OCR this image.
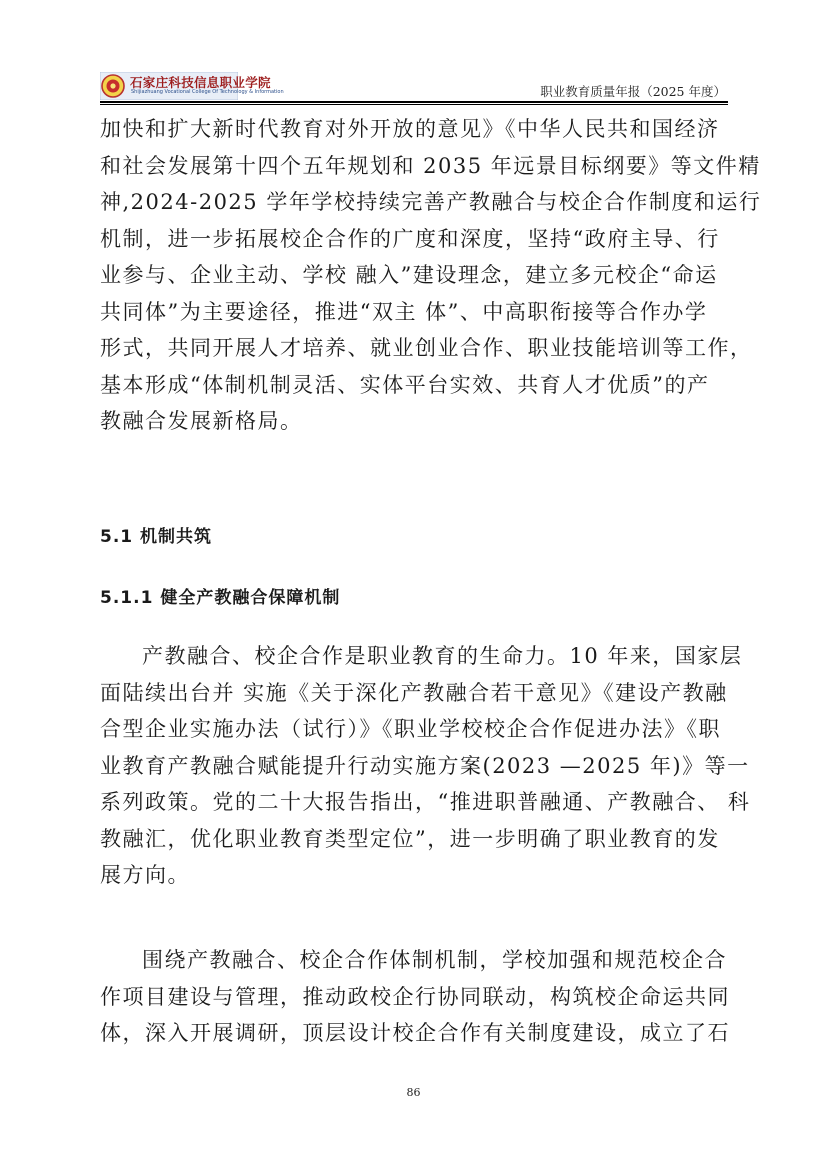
石家庄科技信息职业学院
Shijiazhuang Vocational College Of Technology & Information	职业教育质量年报（2025 年度）

加快和扩大新时代教育对外开放的意见》《中华人民共和国经济
和社会发展第十四个五年规划和 2035 年远景目标纲要》等文件精
神,2024-2025 学年学校持续完善产教融合与校企合作制度和运行
机制，进一步拓展校企合作的广度和深度，坚持“政府主导、行
业参与、企业主动、学校 融入”建设理念，建立多元校企“命运
共同体”为主要途径，推进“双主 体”、中高职衔接等合作办学
形式，共同开展人才培养、就业创业合作、职业技能培训等工作，
基本形成“体制机制灵活、实体平台实效、共育人才优质”的产
教融合发展新格局。

5.1 机制共筑
5.1.1 健全产教融合保障机制

产教融合、校企合作是职业教育的生命力。10 年来，国家层
面陆续出台并 实施《关于深化产教融合若干意见》《建设产教融
合型企业实施办法（试行）》《职业学校校企合作促进办法》《职
业教育产教融合赋能提升行动实施方案(2023 —2025 年)》等一
系列政策。党的二十大报告指出，“推进职普融通、产教融合、 科
教融汇，优化职业教育类型定位”，进一步明确了职业教育的发
展方向。

围绕产教融合、校企合作体制机制，学校加强和规范校企合
作项目建设与管理，推动政校企行协同联动，构筑校企命运共同
体，深入开展调研，顶层设计校企合作有关制度建设，成立了石

86
